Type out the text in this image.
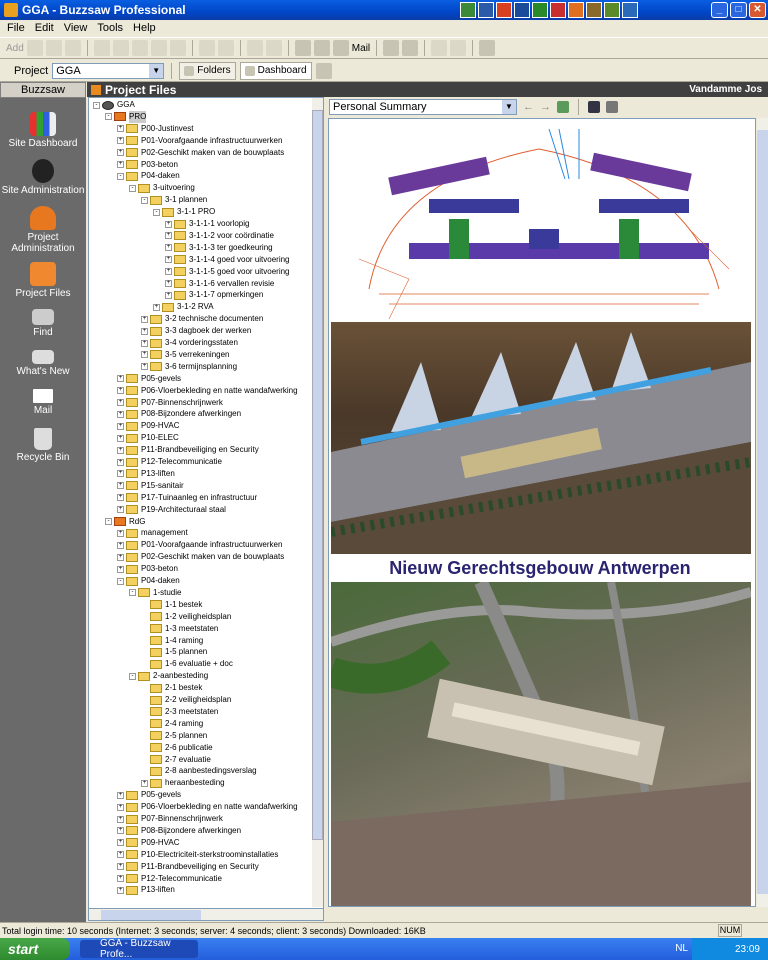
GGA - Buzzsaw Professional	_	□	✕
File Edit View Tools Help
Add	Mail
Project GGA	▼	Folders	Dashboard
Buzzsaw
Site Dashboard
Site Administration
Project Administration
Project Files
Find
What's New
Mail
Recycle Bin
Project Files	Vandamme Jos
-	GGA
-	PRO
+ P00-Justinvest
+ P01-Voorafgaande infrastructuurwerken
+ P02-Geschikt maken van de bouwplaats
+ P03-beton
-	P04-daken
-	3-uitvoering
-	3-1 plannen
-	3-1-1 PRO
+ 3-1-1-1 voorlopig
+ 3-1-1-2 voor coördinatie
+ 3-1-1-3 ter goedkeuring
+ 3-1-1-4 goed voor uitvoering
+ 3-1-1-5 goed voor uitvoering
+ 3-1-1-6 vervallen revisie
+ 3-1-1-7 opmerkingen
+ 3-1-2 RVA
+ 3-2 technische documenten
+ 3-3 dagboek der werken
+ 3-4 vorderingsstaten
+ 3-5 verrekeningen
+ 3-6 termijnsplanning
+ P05-gevels
+ P06-Vloerbekleding en natte wandafwerking
+ P07-Binnenschrijnwerk
+ P08-Bijzondere afwerkingen
+ P09-HVAC
+ P10-ELEC
+ P11-Brandbeveiliging en Security
+ P12-Telecommunicatie
+ P13-liften
+ P15-sanitair
+ P17-Tuinaanleg en infrastructuur
+ P19-Architecturaal staal
-	RdG
+ management
+ P01-Voorafgaande infrastructuurwerken
+ P02-Geschikt maken van de bouwplaats
+ P03-beton
-	P04-daken
-	1-studie
1-1 bestek
1-2 veiligheidsplan
1-3 meetstaten
1-4 raming
1-5 plannen
1-6 evaluatie + doc
-	2-aanbesteding
2-1 bestek
2-2 veiligheidsplan
2-3 meetstaten
2-4 raming
2-5 plannen
2-6 publicatie
2-7 evaluatie
2-8 aanbestedingsverslag
+ heraanbesteding
+ P05-gevels
+ P06-Vloerbekleding en natte wandafwerking
+ P07-Binnenschrijnwerk
+ P08-Bijzondere afwerkingen
+ P09-HVAC
+ P10-Electriciteit-sterkstroominstallaties
+ P11-Brandbeveiliging en Security
+ P12-Telecommunicatie
+ P13-liften
Personal Summary	▼ ← →
Nieuw Gerechtsgebouw Antwerpen
Total login time: 10 seconds (Internet: 3 seconds; server: 4 seconds; client: 3 seconds) Downloaded: 16KB	NUM
start	GGA - Buzzsaw Profe...
NL	23:09
